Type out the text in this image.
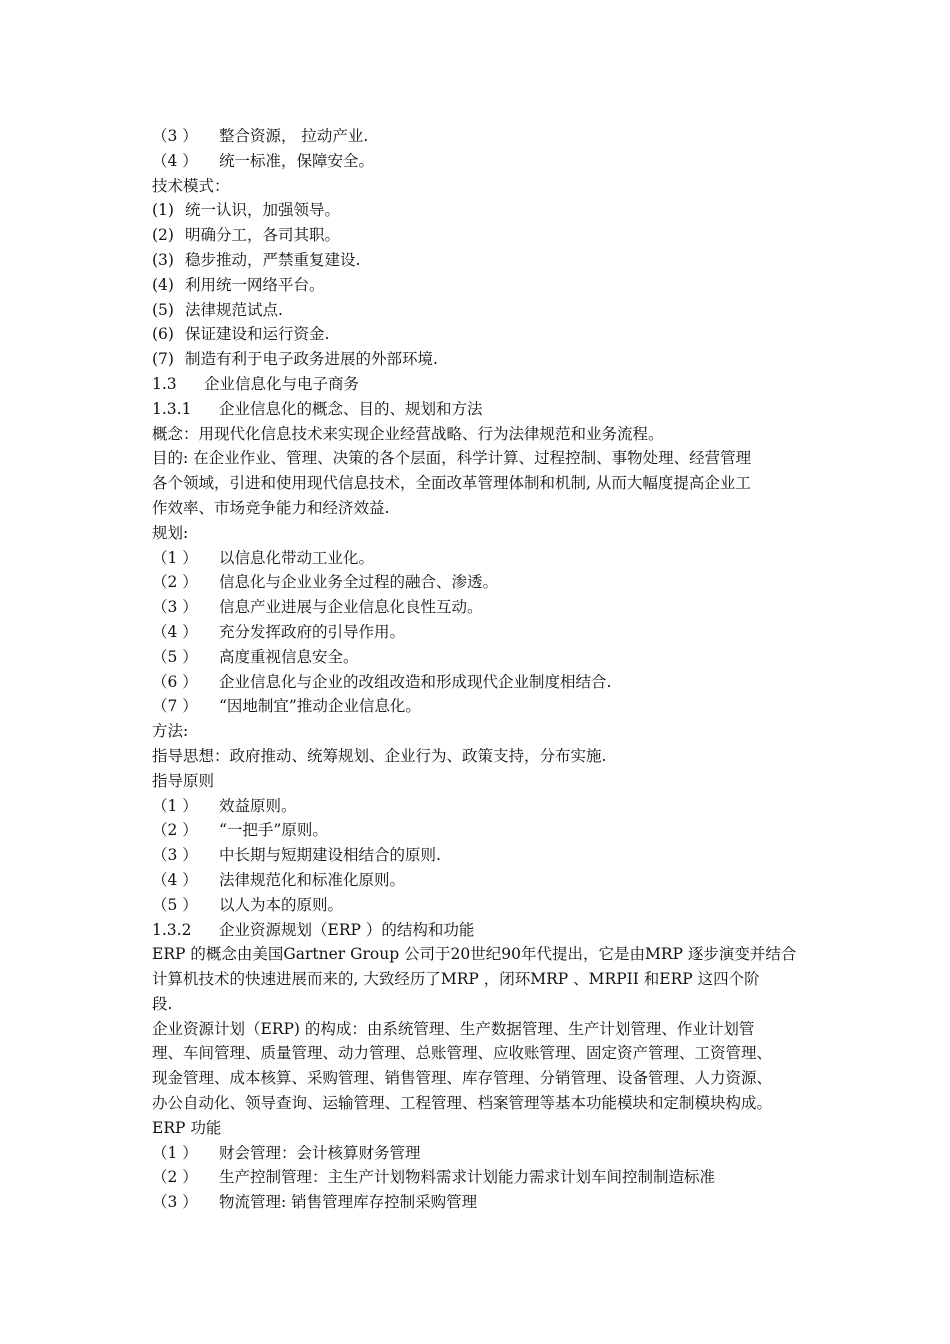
（3 ） 整合资源， 拉动产业.
（4 ） 统一标准，保障安全。
技术模式：
(1) 统一认识，加强领导。
(2) 明确分工，各司其职。
(3) 稳步推动，严禁重复建设.
(4) 利用统一网络平台。
(5) 法律规范试点.
(6) 保证建设和运行资金.
(7) 制造有利于电子政务进展的外部环境.
1.3 企业信息化与电子商务
1.3.1 企业信息化的概念、目的、规划和方法
概念：用现代化信息技术来实现企业经营战略、行为法律规范和业务流程。
目的: 在企业作业、管理、决策的各个层面，科学计算、过程控制、事物处理、经营管理
各个领域，引进和使用现代信息技术，全面改革管理体制和机制, 从而大幅度提高企业工
作效率、市场竞争能力和经济效益.
规划:
（1 ） 以信息化带动工业化。
（2 ） 信息化与企业业务全过程的融合、渗透。
（3 ） 信息产业进展与企业信息化良性互动。
（4 ） 充分发挥政府的引导作用。
（5 ） 高度重视信息安全。
（6 ） 企业信息化与企业的改组改造和形成现代企业制度相结合.
（7 ） “因地制宜”推动企业信息化。
方法:
指导思想：政府推动、统筹规划、企业行为、政策支持，分布实施.
指导原则
（1 ） 效益原则。
（2 ） “一把手”原则。
（3 ） 中长期与短期建设相结合的原则.
（4 ） 法律规范化和标准化原则。
（5 ） 以人为本的原则。
1.3.2 企业资源规划（ERP ）的结构和功能
ERP 的概念由美国Gartner Group 公司于20世纪90年代提出，它是由MRP 逐步演变并结合
计算机技术的快速进展而来的, 大致经历了MRP ，闭环MRP 、MRPII 和ERP 这四个阶
段.
企业资源计划（ERP) 的构成：由系统管理、生产数据管理、生产计划管理、作业计划管
理、车间管理、质量管理、动力管理、总账管理、应收账管理、固定资产管理、工资管理、
现金管理、成本核算、采购管理、销售管理、库存管理、分销管理、设备管理、人力资源、
办公自动化、领导查询、运输管理、工程管理、档案管理等基本功能模块和定制模块构成。
ERP 功能
（1 ） 财会管理：会计核算财务管理
（2 ） 生产控制管理：主生产计划物料需求计划能力需求计划车间控制制造标准
（3 ） 物流管理: 销售管理库存控制采购管理
